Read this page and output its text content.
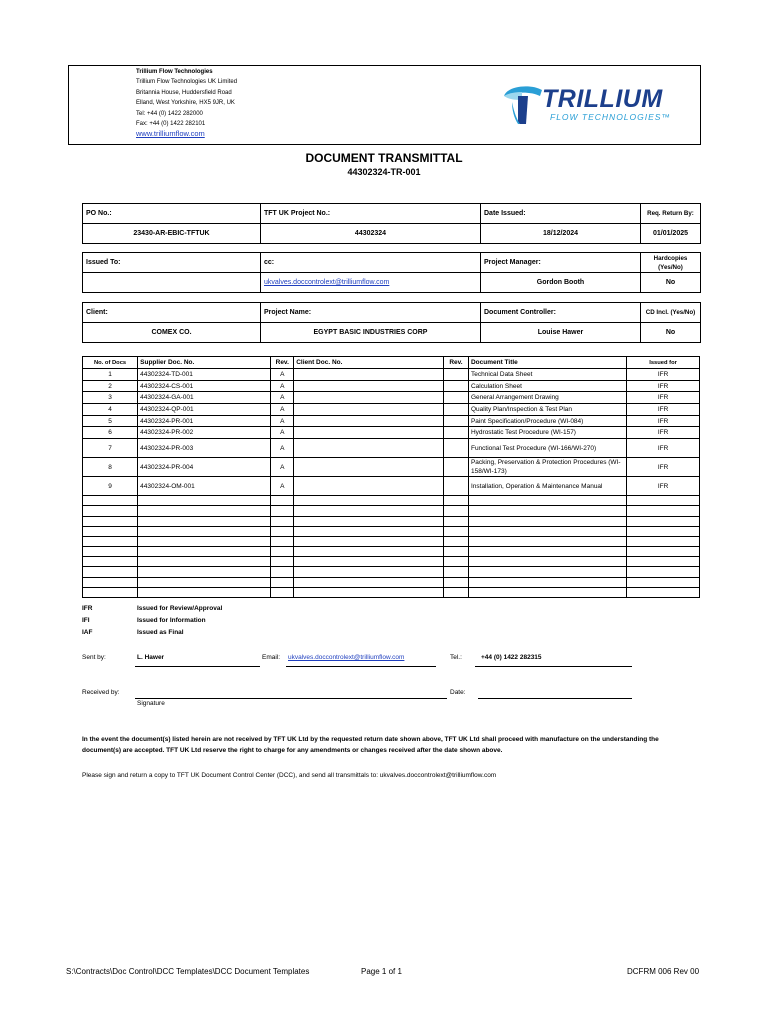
Trillium Flow Technologies
Trillium Flow Technologies UK Limited
Britannia House, Huddersfield Road
Elland, West Yorkshire, HX5 9JR, UK
Tel: +44 (0) 1422 282000
Fax: +44 (0) 1422 282101
www.trilliumflow.com
TRILLIUM
FLOW TECHNOLOGIES™
DOCUMENT TRANSMITTAL
44302324-TR-001
PO No.:	TFT UK Project No.:	Date Issued:	Req. Return By:
23430-AR-EBIC-TFTUK	44302324	18/12/2024	01/01/2025
Issued To:	cc:	Project Manager:	Hardcopies (Yes/No)
	ukvalves.doccontrolext@trilliumflow.com	Gordon Booth	No
Client:	Project Name:	Document Controller:	CD Incl. (Yes/No)
COMEX CO.	EGYPT BASIC INDUSTRIES CORP	Louise Hawer	No
No. of Docs	Supplier Doc. No.	Rev.	Client Doc. No.	Rev.	Document Title	Issued for
1	44302324-TD-001	A			Technical Data Sheet	IFR
2	44302324-CS-001	A			Calculation Sheet	IFR
3	44302324-GA-001	A			General Arrangement Drawing	IFR
4	44302324-QP-001	A			Quality Plan/Inspection & Test Plan	IFR
5	44302324-PR-001	A			Paint Specification/Procedure (WI-084)	IFR
6	44302324-PR-002	A			Hydrostatic Test Procedure (WI-157)	IFR
7	44302324-PR-003	A			Functional Test Procedure (WI-166/WI-270)	IFR
8	44302324-PR-004	A			Packing, Preservation & Protection Procedures (WI-158/WI-173)	IFR
9	44302324-OM-001	A			Installation, Operation & Maintenance Manual	IFR

IFR	Issued for Review/Approval
IFI	Issued for Information
IAF	Issued as Final
Sent by:	L. Hawer	Email: ukvalves.doccontrolext@trilliumflow.com	Tel.:	+44 (0) 1422 282315
Received by:
Signature
Date:
In the event the document(s) listed herein are not received by TFT UK Ltd by the requested return date shown above, TFT UK Ltd shall proceed with manufacture on the understanding the document(s) are accepted. TFT UK Ltd reserve the right to charge for any amendments or changes received after the date shown above.
Please sign and return a copy to TFT UK Document Control Center (DCC), and send all transmittals to: ukvalves.doccontrolext@trilliumflow.com
S:\Contracts\Doc Control\DCC Templates\DCC Document Templates	Page 1 of 1	DCFRM 006 Rev 00
